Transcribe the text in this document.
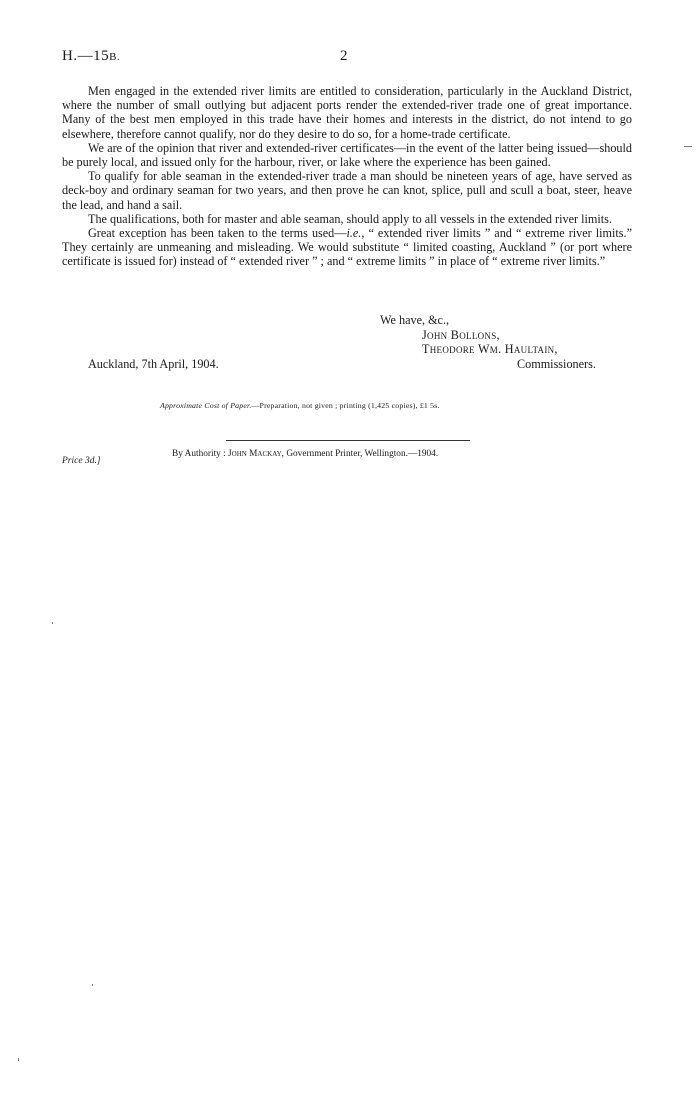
H.—15B.	2

Men engaged in the extended river limits are entitled to consideration, particularly in the Auckland District, where the number of small outlying but adjacent ports render the extended-river trade one of great importance. Many of the best men employed in this trade have their homes and interests in the district, do not intend to go elsewhere, therefore cannot qualify, nor do they desire to do so, for a home-trade certificate.

We are of the opinion that river and extended-river certificates—in the event of the latter being issued—should be purely local, and issued only for the harbour, river, or lake where the experience has been gained.

To qualify for able seaman in the extended-river trade a man should be nineteen years of age, have served as deck-boy and ordinary seaman for two years, and then prove he can knot, splice, pull and scull a boat, steer, heave the lead, and hand a sail.

The qualifications, both for master and able seaman, should apply to all vessels in the extended river limits.

Great exception has been taken to the terms used—i.e., “ extended river limits ” and “ extreme river limits.” They certainly are unmeaning and misleading. We would substitute “ limited coasting, Auckland ” (or port where certificate is issued for) instead of “ extended river ” ; and “ extreme limits ” in place of “ extreme river limits.”

We have, &c.,

John Bollons,
Theodore Wm. Haultain,
Auckland, 7th April, 1904.	Commissioners.
Approximate Cost of Paper.—Preparation, not given ; printing (1,425 copies), £1 5s.
By Authority : John Mackay, Government Printer, Wellington.—1904.
Price 3d.]
